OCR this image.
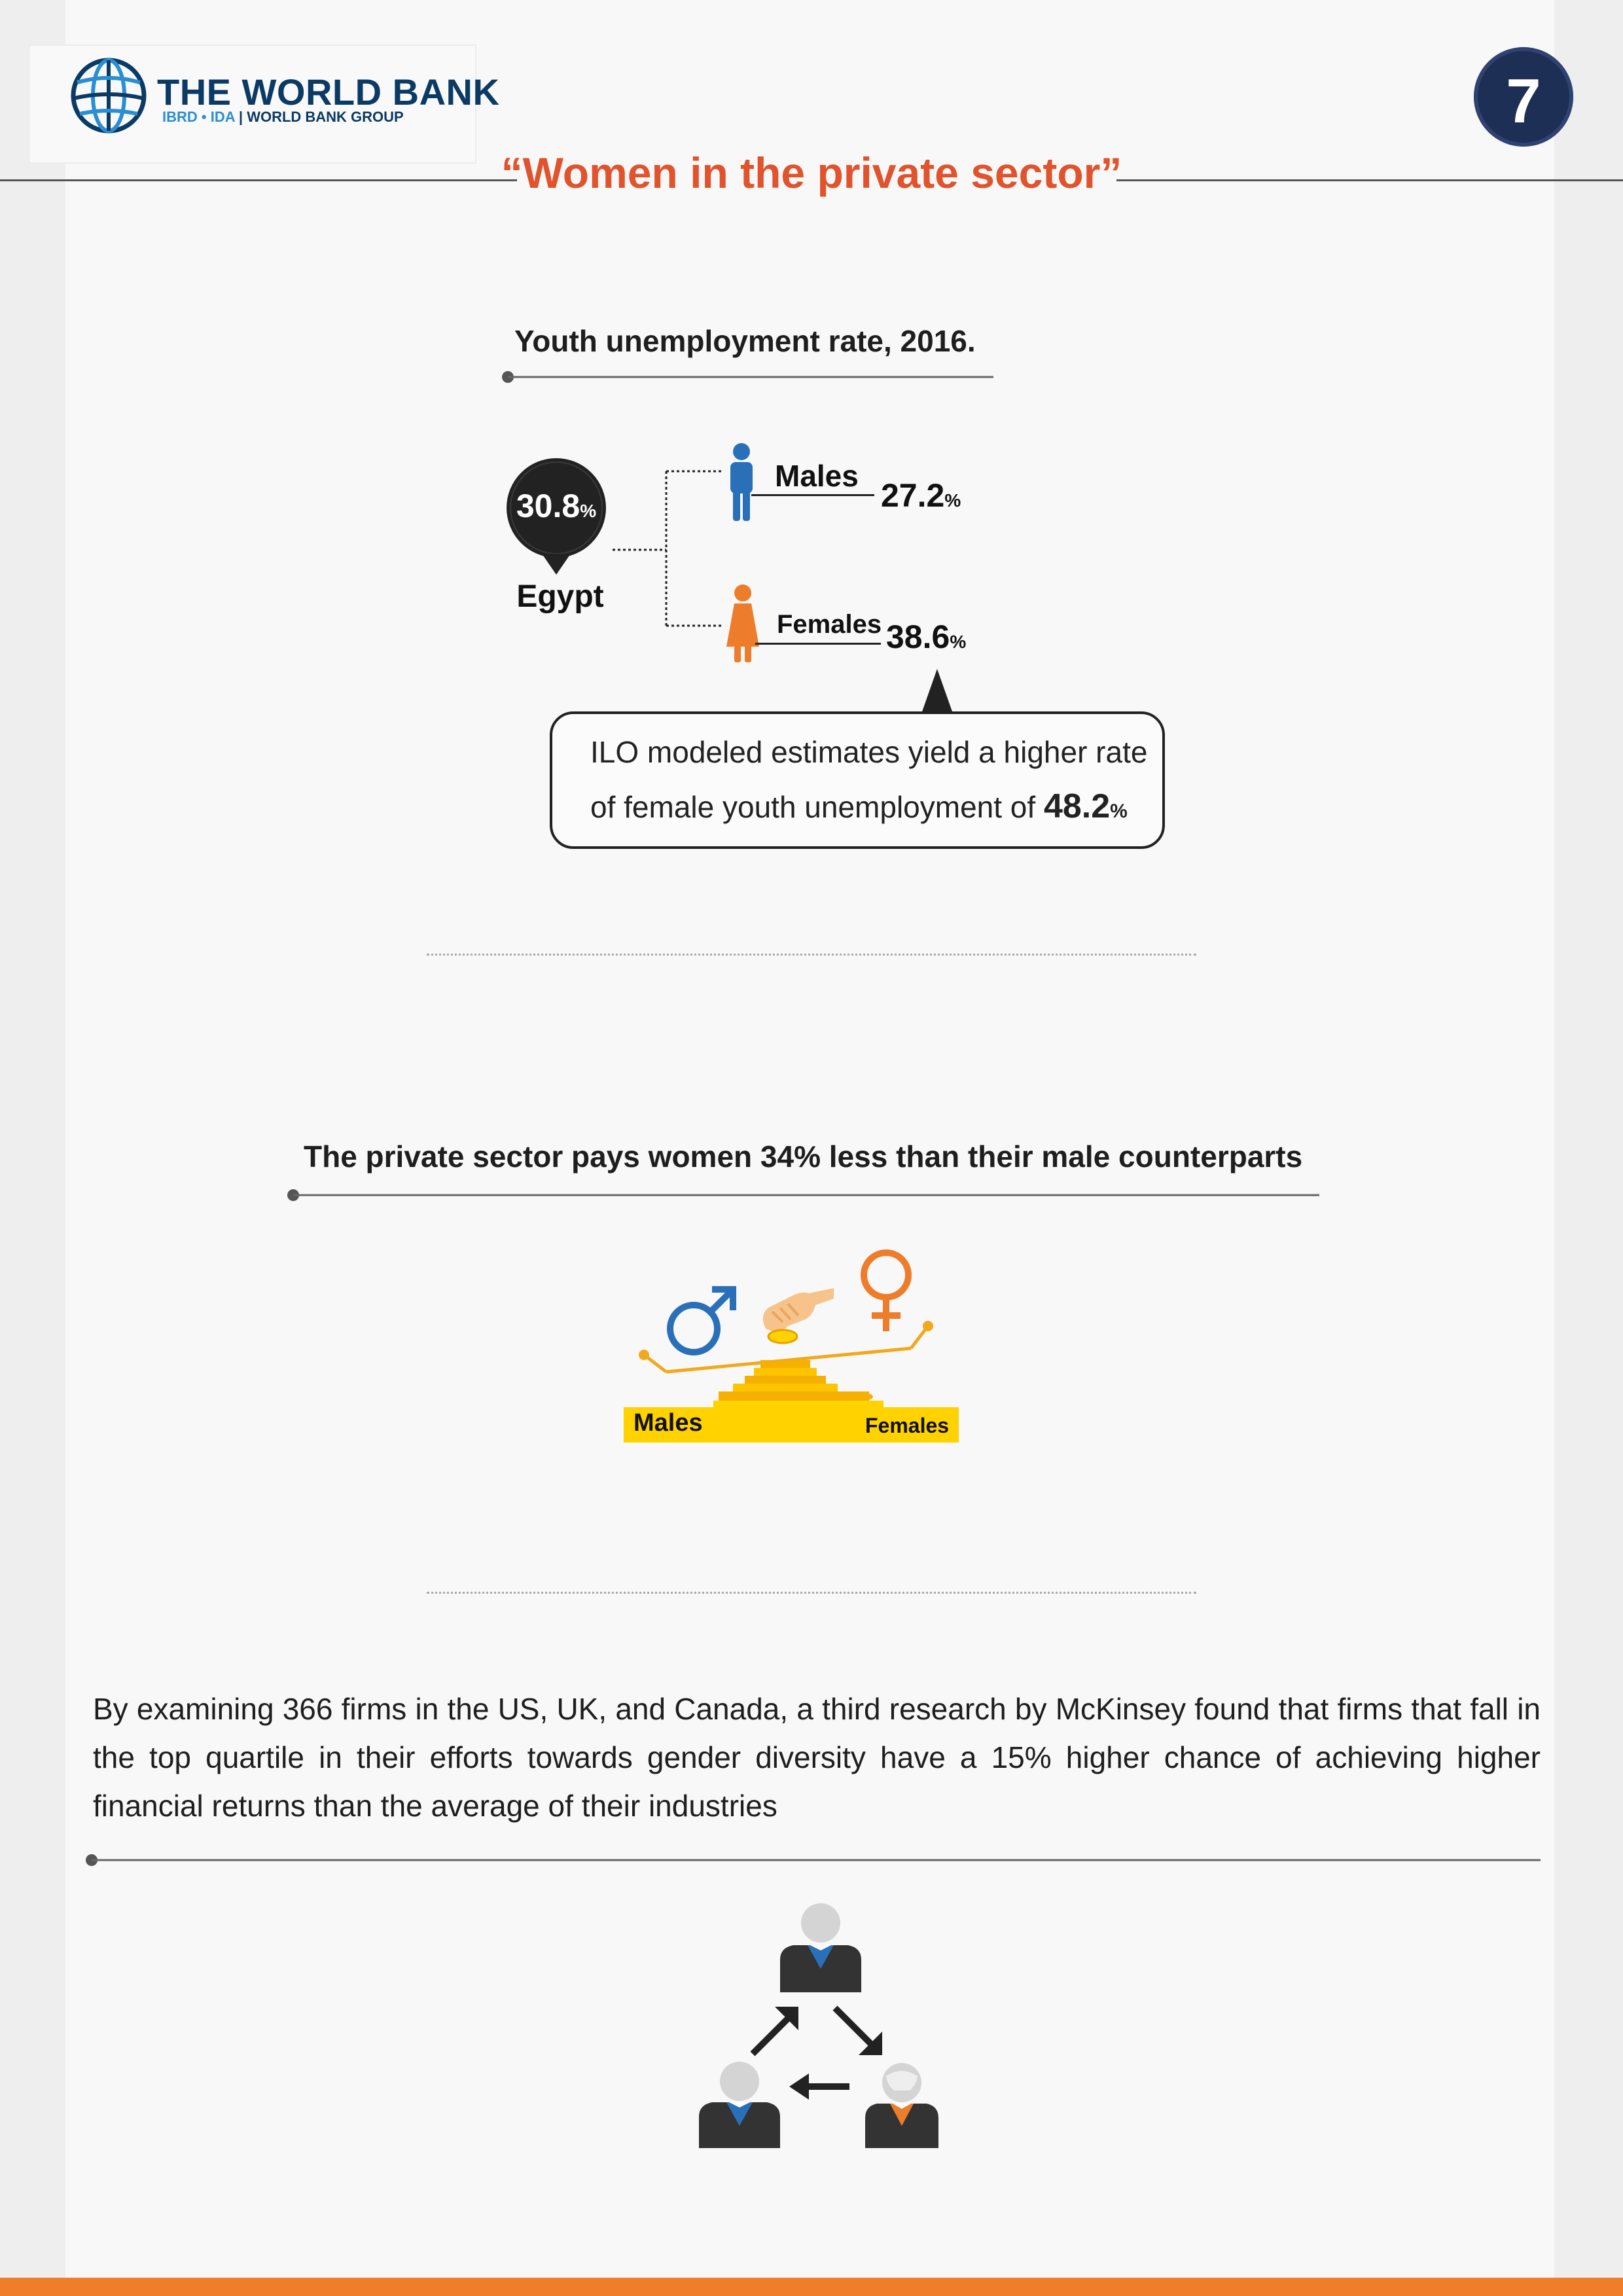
THE WORLD BANK
IBRD • IDA | WORLD BANK GROUP	7
“Women in the private sector”
Youth unemployment rate, 2016.
30.8%
Egypt
Males
27.2%
Females 38.6%
ILO modeled estimates yield a higher rate
of female youth unemployment of 48.2%
The private sector pays women 34% less than their male counterparts
Males	Females
By examining 366 firms in the US, UK, and Canada, a third research by McKinsey found that firms that fall in
the top quartile in their efforts towards gender diversity have a 15% higher chance of achieving higher
financial returns than the average of their industries
